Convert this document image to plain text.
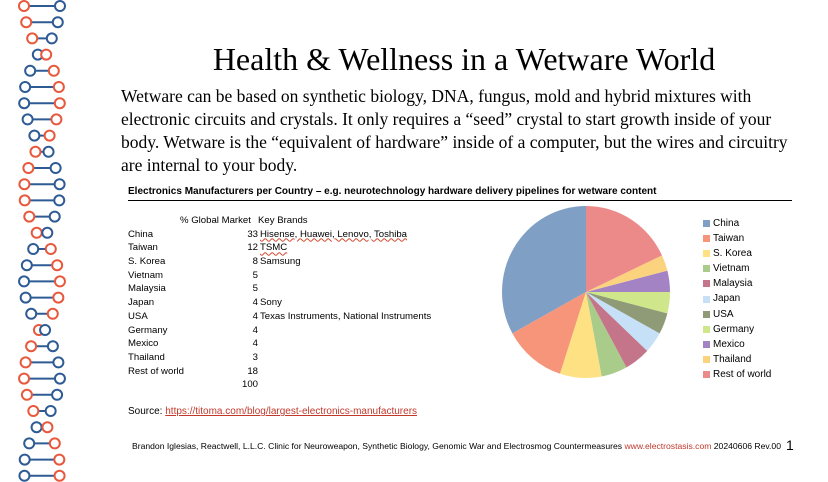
Health & Wellness in a Wetware World
Wetware can be based on synthetic biology, DNA, fungus, mold and hybrid mixtures with electronic circuits and crystals. It only requires a “seed” crystal to start growth inside of your body. Wetware is the “equivalent of hardware” inside of a computer, but the wires and circuitry are internal to your body.
Electronics Manufacturers per Country – e.g. neurotechnology hardware delivery pipelines for wetware content
% Global Market Key Brands
China	33 Hisense, Huawei, Lenovo, Toshiba
Taiwan	12 TSMC
S. Korea	8 Samsung
Vietnam	5
Malaysia	5
Japan	4 Sony
USA	4 Texas Instruments, National Instruments
Germany	4
Mexico	4
Thailand	3
Rest of world	18
100
China
Taiwan
S. Korea
Vietnam
Malaysia
Japan
USA
Germany
Mexico
Thailand
Rest of world
Source: https://titoma.com/blog/largest-electronics-manufacturers
Brandon Iglesias, Reactwell, L.L.C. Clinic for Neuroweapon, Synthetic Biology, Genomic War and Electrosmog Countermeasures www.electrostasis.com 20240606 Rev.00 1
